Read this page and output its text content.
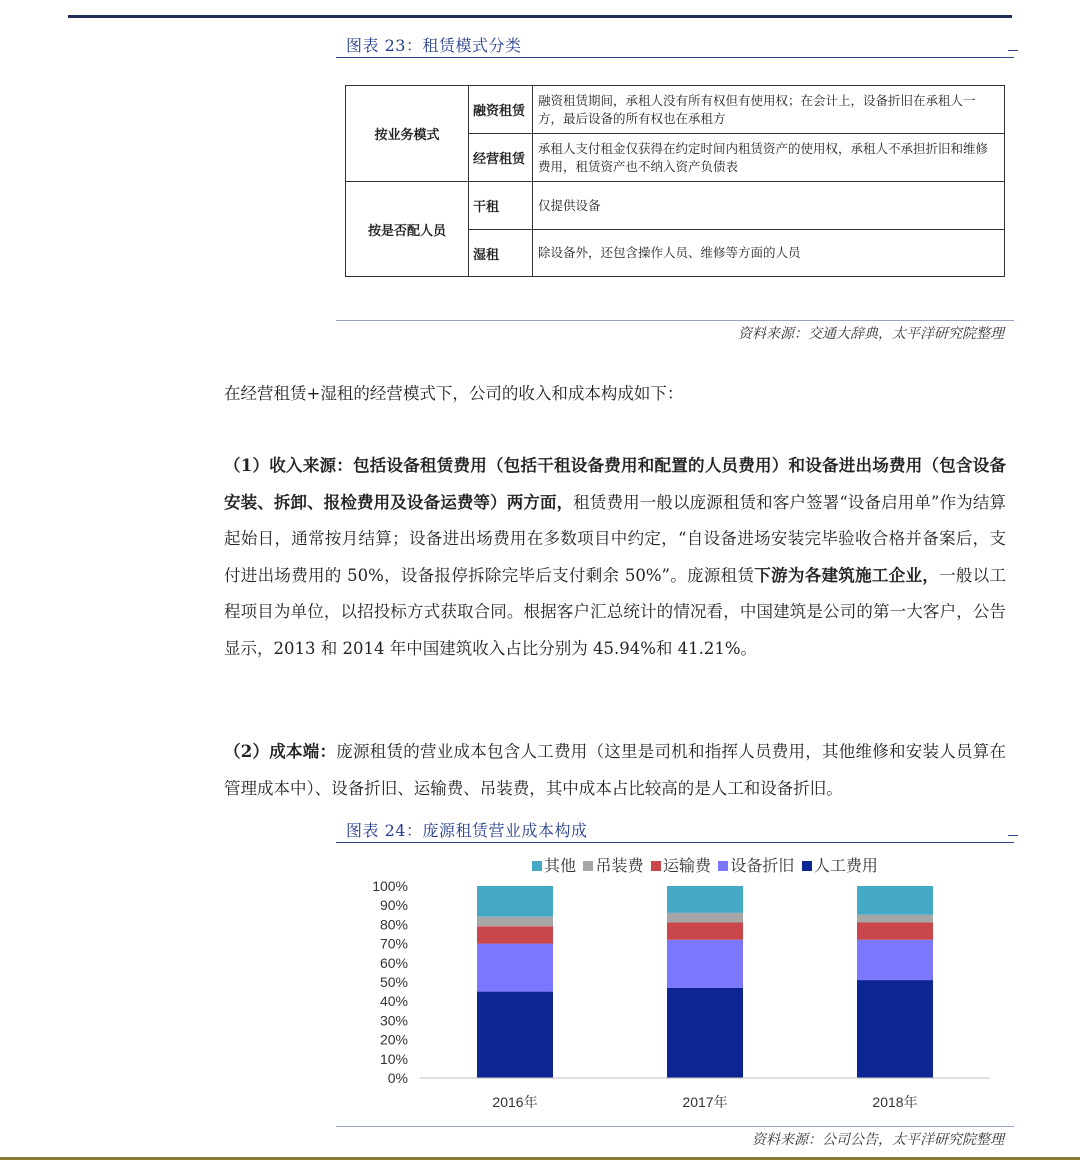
图表 23：租赁模式分类
按业务模式	融资租赁	融资租赁期间，承租人没有所有权但有使用权；在会计上，设备折旧在承租人一方，最后设备的所有权也在承租方
	经营租赁	承租人支付租金仅获得在约定时间内租赁资产的使用权，承租人不承担折旧和维修费用，租赁资产也不纳入资产负债表
按是否配人员	干租	仅提供设备
	湿租	除设备外，还包含操作人员、维修等方面的人员
资料来源：交通大辞典，太平洋研究院整理
在经营租赁+湿租的经营模式下，公司的收入和成本构成如下：
（1）收入来源：包括设备租赁费用（包括干租设备费用和配置的人员费用）和设备进出场费用（包含设备安装、拆卸、报检费用及设备运费等）两方面，租赁费用一般以庞源租赁和客户签署“设备启用单”作为结算起始日，通常按月结算；设备进出场费用在多数项目中约定，“自设备进场安装完毕验收合格并备案后，支付进出场费用的 50%，设备报停拆除完毕后支付剩余 50%”。庞源租赁下游为各建筑施工企业，一般以工程项目为单位，以招投标方式获取合同。根据客户汇总统计的情况看，中国建筑是公司的第一大客户，公告显示，2013 和 2014 年中国建筑收入占比分别为 45.94%和 41.21%。
（2）成本端：庞源租赁的营业成本包含人工费用（这里是司机和指挥人员费用，其他维修和安装人员算在管理成本中）、设备折旧、运输费、吊装费，其中成本占比较高的是人工和设备折旧。
图表 24：庞源租赁营业成本构成
其他 吊装费 运输费 设备折旧 人工费用
0%
10%
20%
30%
40%
50%
60%
70%
80%
90%
100%
2016年	2017年	2018年
资料来源：公司公告，太平洋研究院整理
